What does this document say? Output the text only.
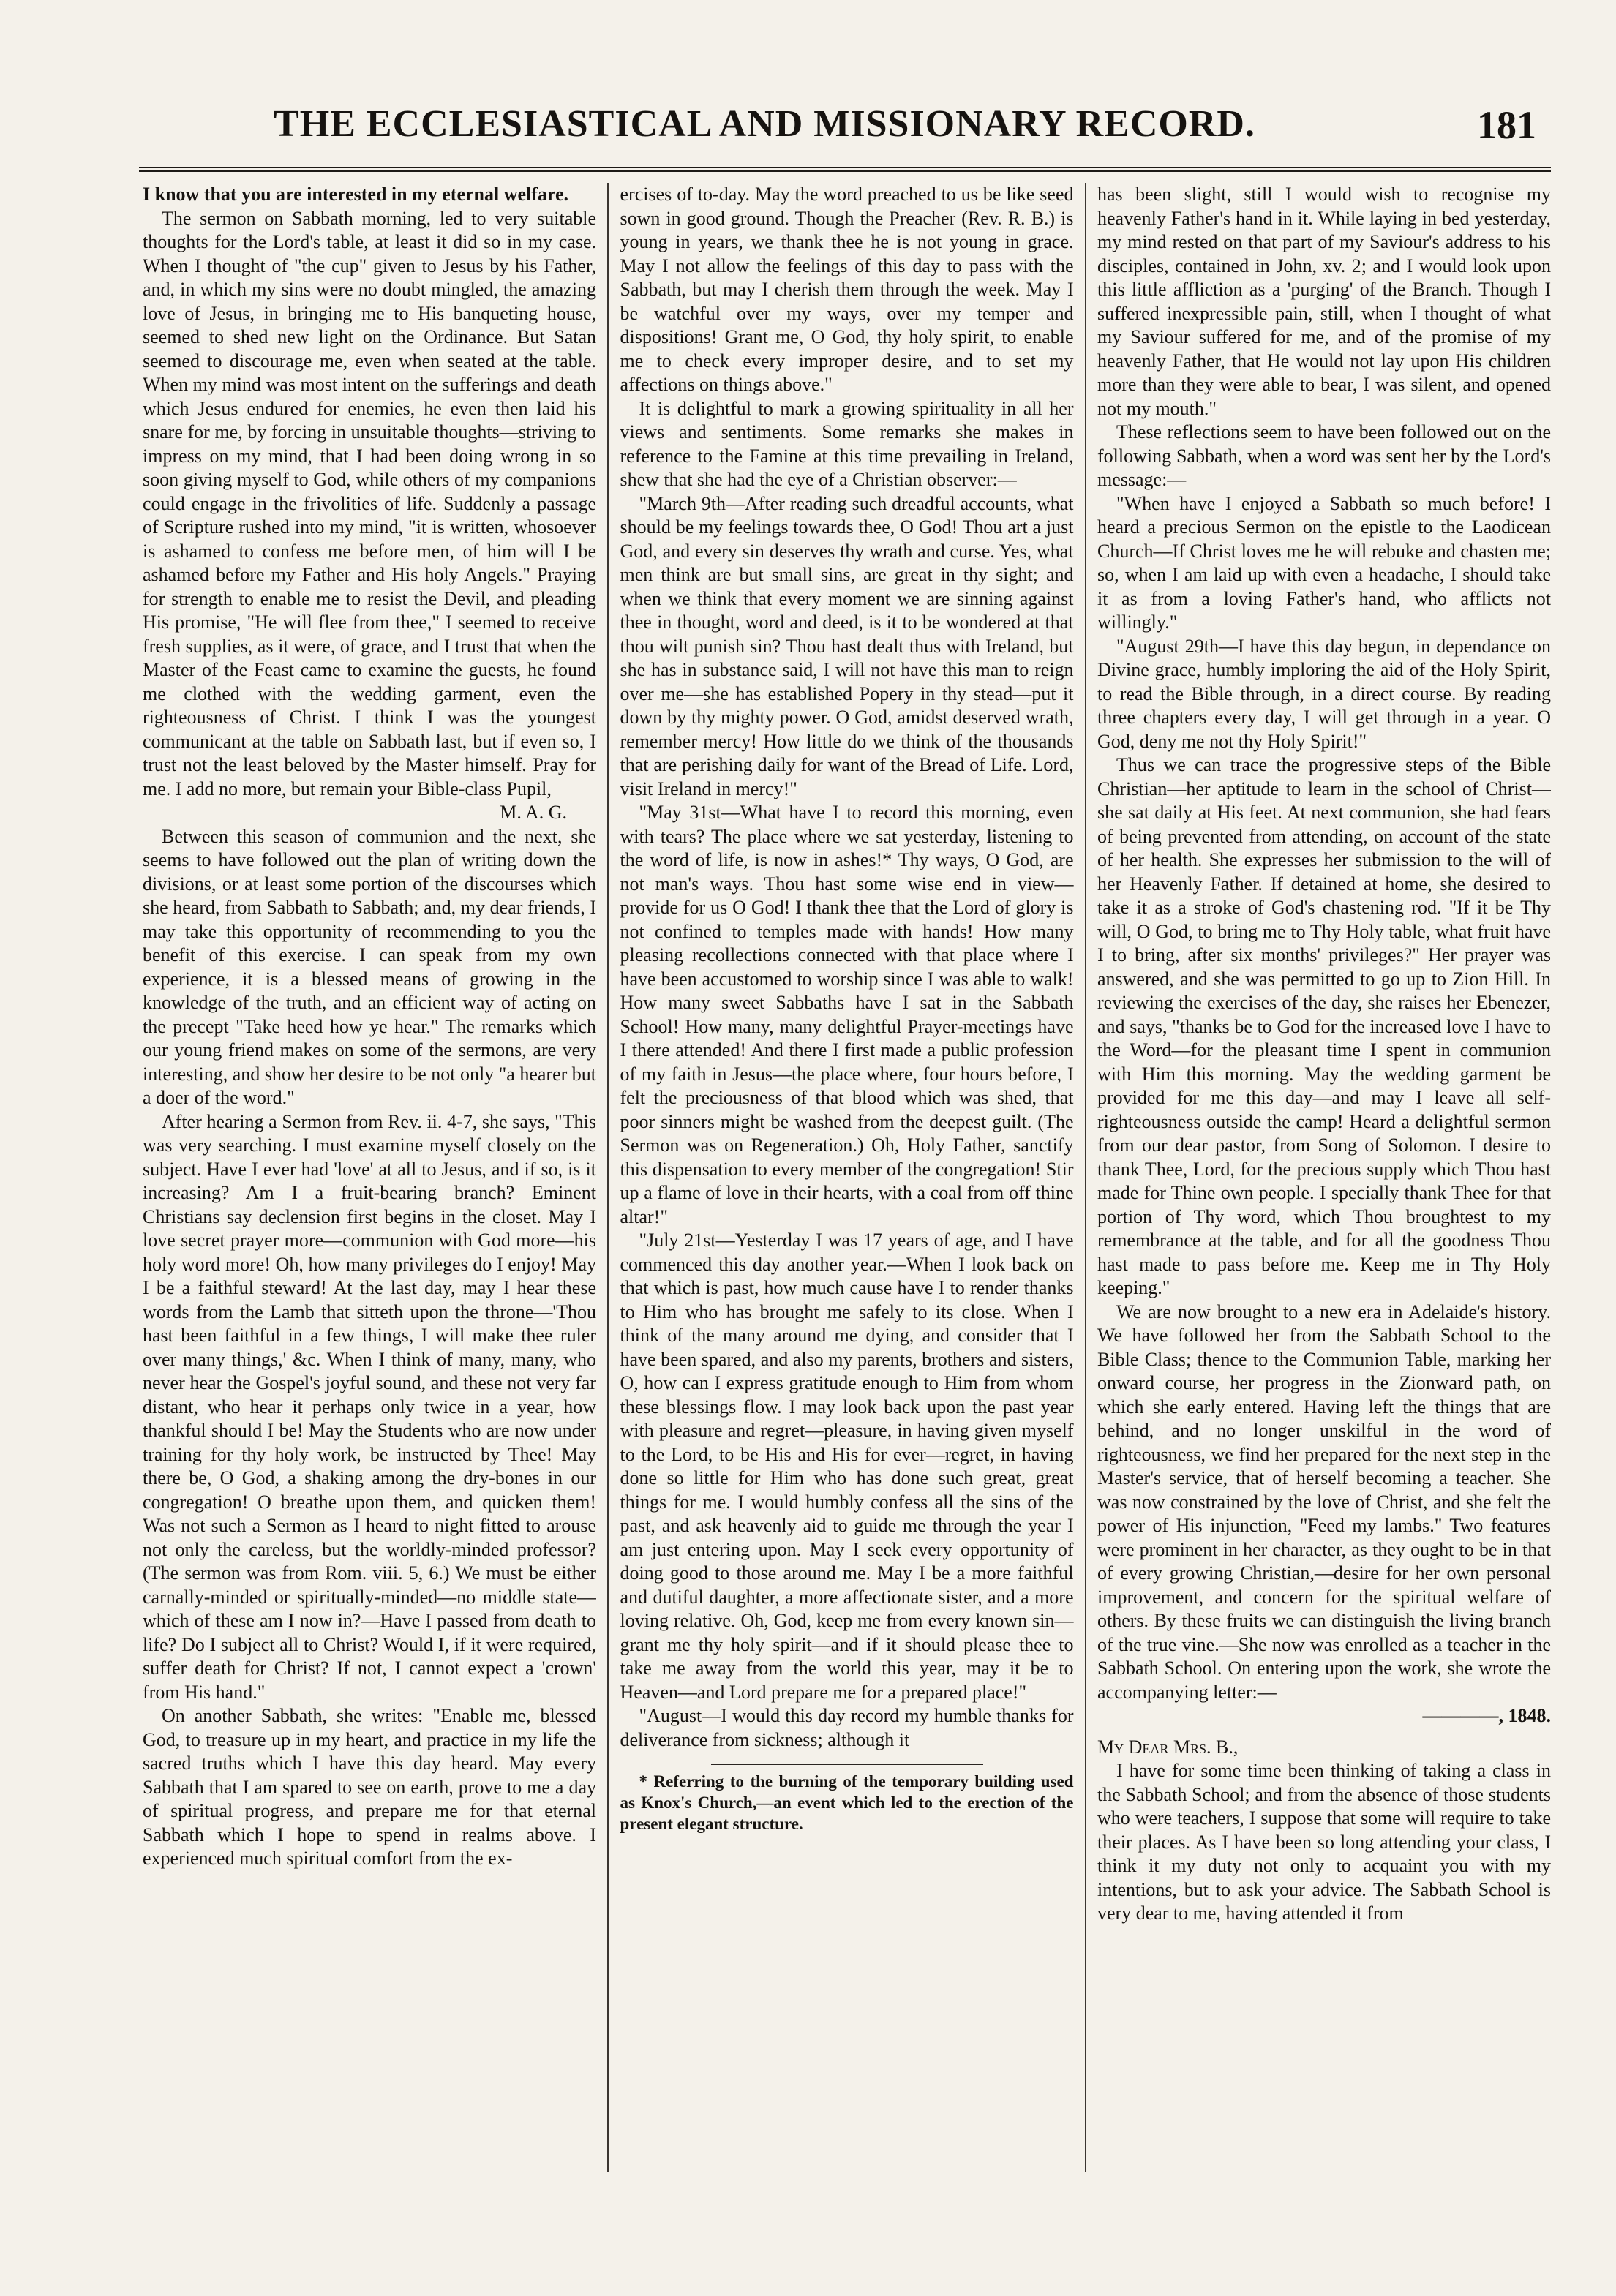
THE ECCLESIASTICAL AND MISSIONARY RECORD.	181

I know that you are interested in my eternal welfare.

The sermon on Sabbath morning, led to very suitable thoughts for the Lord's table, at least it did so in my case. When I thought of "the cup" given to Jesus by his Father, and, in which my sins were no doubt mingled, the amazing love of Jesus, in bringing me to His banqueting house, seemed to shed new light on the Ordinance. But Satan seemed to discourage me, even when seated at the table. When my mind was most intent on the sufferings and death which Jesus endured for enemies, he even then laid his snare for me, by forcing in unsuitable thoughts—striving to impress on my mind, that I had been doing wrong in so soon giving myself to God, while others of my companions could engage in the frivolities of life. Suddenly a passage of Scripture rushed into my mind, "it is written, whosoever is ashamed to confess me before men, of him will I be ashamed before my Father and His holy Angels." Praying for strength to enable me to resist the Devil, and pleading His promise, "He will flee from thee," I seemed to receive fresh supplies, as it were, of grace, and I trust that when the Master of the Feast came to examine the guests, he found me clothed with the wedding garment, even the righteousness of Christ. I think I was the youngest communicant at the table on Sabbath last, but if even so, I trust not the least beloved by the Master himself. Pray for me. I add no more, but remain your Bible-class Pupil,

M. A. G.

Between this season of communion and the next, she seems to have followed out the plan of writing down the divisions, or at least some portion of the discourses which she heard, from Sabbath to Sabbath; and, my dear friends, I may take this opportunity of recommending to you the benefit of this exercise. I can speak from my own experience, it is a blessed means of growing in the knowledge of the truth, and an efficient way of acting on the precept "Take heed how ye hear." The remarks which our young friend makes on some of the sermons, are very interesting, and show her desire to be not only "a hearer but a doer of the word."

After hearing a Sermon from Rev. ii. 4-7, she says, "This was very searching. I must examine myself closely on the subject. Have I ever had 'love' at all to Jesus, and if so, is it increasing? Am I a fruit-bearing branch? Eminent Christians say declension first begins in the closet. May I love secret prayer more—communion with God more—his holy word more! Oh, how many privileges do I enjoy! May I be a faithful steward! At the last day, may I hear these words from the Lamb that sitteth upon the throne—'Thou hast been faithful in a few things, I will make thee ruler over many things,' &c. When I think of many, many, who never hear the Gospel's joyful sound, and these not very far distant, who hear it perhaps only twice in a year, how thankful should I be! May the Students who are now under training for thy holy work, be instructed by Thee! May there be, O God, a shaking among the dry-bones in our congregation! O breathe upon them, and quicken them! Was not such a Sermon as I heard to night fitted to arouse not only the careless, but the worldly-minded professor? (The sermon was from Rom. viii. 5, 6.) We must be either carnally-minded or spiritually-minded—no middle state—which of these am I now in?—Have I passed from death to life? Do I subject all to Christ? Would I, if it were required, suffer death for Christ? If not, I cannot expect a 'crown' from His hand."

On another Sabbath, she writes: "Enable me, blessed God, to treasure up in my heart, and practice in my life the sacred truths which I have this day heard. May every Sabbath that I am spared to see on earth, prove to me a day of spiritual progress, and prepare me for that eternal Sabbath which I hope to spend in realms above. I experienced much spiritual comfort from the ex-

ercises of to-day. May the word preached to us be like seed sown in good ground. Though the Preacher (Rev. R. B.) is young in years, we thank thee he is not young in grace. May I not allow the feelings of this day to pass with the Sabbath, but may I cherish them through the week. May I be watchful over my ways, over my temper and dispositions! Grant me, O God, thy holy spirit, to enable me to check every improper desire, and to set my affections on things above."

It is delightful to mark a growing spirituality in all her views and sentiments. Some remarks she makes in reference to the Famine at this time prevailing in Ireland, shew that she had the eye of a Christian observer:—

"March 9th—After reading such dreadful accounts, what should be my feelings towards thee, O God! Thou art a just God, and every sin deserves thy wrath and curse. Yes, what men think are but small sins, are great in thy sight; and when we think that every moment we are sinning against thee in thought, word and deed, is it to be wondered at that thou wilt punish sin? Thou hast dealt thus with Ireland, but she has in substance said, I will not have this man to reign over me—she has established Popery in thy stead—put it down by thy mighty power. O God, amidst deserved wrath, remember mercy! How little do we think of the thousands that are perishing daily for want of the Bread of Life. Lord, visit Ireland in mercy!"

"May 31st—What have I to record this morning, even with tears? The place where we sat yesterday, listening to the word of life, is now in ashes!* Thy ways, O God, are not man's ways. Thou hast some wise end in view—provide for us O God! I thank thee that the Lord of glory is not confined to temples made with hands! How many pleasing recollections connected with that place where I have been accustomed to worship since I was able to walk! How many sweet Sabbaths have I sat in the Sabbath School! How many, many delightful Prayer-meetings have I there attended! And there I first made a public profession of my faith in Jesus—the place where, four hours before, I felt the preciousness of that blood which was shed, that poor sinners might be washed from the deepest guilt. (The Sermon was on Regeneration.) Oh, Holy Father, sanctify this dispensation to every member of the congregation! Stir up a flame of love in their hearts, with a coal from off thine altar!"

"July 21st—Yesterday I was 17 years of age, and I have commenced this day another year.—When I look back on that which is past, how much cause have I to render thanks to Him who has brought me safely to its close. When I think of the many around me dying, and consider that I have been spared, and also my parents, brothers and sisters, O, how can I express gratitude enough to Him from whom these blessings flow. I may look back upon the past year with pleasure and regret—pleasure, in having given myself to the Lord, to be His and His for ever—regret, in having done so little for Him who has done such great, great things for me. I would humbly confess all the sins of the past, and ask heavenly aid to guide me through the year I am just entering upon. May I seek every opportunity of doing good to those around me. May I be a more faithful and dutiful daughter, a more affectionate sister, and a more loving relative. Oh, God, keep me from every known sin—grant me thy holy spirit—and if it should please thee to take me away from the world this year, may it be to Heaven—and Lord prepare me for a prepared place!"

"August—I would this day record my humble thanks for deliverance from sickness; although it

* Referring to the burning of the temporary building used as Knox's Church,—an event which led to the erection of the present elegant structure.

has been slight, still I would wish to recognise my heavenly Father's hand in it. While laying in bed yesterday, my mind rested on that part of my Saviour's address to his disciples, contained in John, xv. 2; and I would look upon this little affliction as a 'purging' of the Branch. Though I suffered inexpressible pain, still, when I thought of what my Saviour suffered for me, and of the promise of my heavenly Father, that He would not lay upon His children more than they were able to bear, I was silent, and opened not my mouth."

These reflections seem to have been followed out on the following Sabbath, when a word was sent her by the Lord's message:—

"When have I enjoyed a Sabbath so much before! I heard a precious Sermon on the epistle to the Laodicean Church—If Christ loves me he will rebuke and chasten me; so, when I am laid up with even a headache, I should take it as from a loving Father's hand, who afflicts not willingly."

"August 29th—I have this day begun, in dependance on Divine grace, humbly imploring the aid of the Holy Spirit, to read the Bible through, in a direct course. By reading three chapters every day, I will get through in a year. O God, deny me not thy Holy Spirit!"

Thus we can trace the progressive steps of the Bible Christian—her aptitude to learn in the school of Christ—she sat daily at His feet. At next communion, she had fears of being prevented from attending, on account of the state of her health. She expresses her submission to the will of her Heavenly Father. If detained at home, she desired to take it as a stroke of God's chastening rod. "If it be Thy will, O God, to bring me to Thy Holy table, what fruit have I to bring, after six months' privileges?" Her prayer was answered, and she was permitted to go up to Zion Hill. In reviewing the exercises of the day, she raises her Ebenezer, and says, "thanks be to God for the increased love I have to the Word—for the pleasant time I spent in communion with Him this morning. May the wedding garment be provided for me this day—and may I leave all self-righteousness outside the camp! Heard a delightful sermon from our dear pastor, from Song of Solomon. I desire to thank Thee, Lord, for the precious supply which Thou hast made for Thine own people. I specially thank Thee for that portion of Thy word, which Thou broughtest to my remembrance at the table, and for all the goodness Thou hast made to pass before me. Keep me in Thy Holy keeping."

We are now brought to a new era in Adelaide's history. We have followed her from the Sabbath School to the Bible Class; thence to the Communion Table, marking her onward course, her progress in the Zionward path, on which she early entered. Having left the things that are behind, and no longer unskilful in the word of righteousness, we find her prepared for the next step in the Master's service, that of herself becoming a teacher. She was now constrained by the love of Christ, and she felt the power of His injunction, "Feed my lambs." Two features were prominent in her character, as they ought to be in that of every growing Christian,—desire for her own personal improvement, and concern for the spiritual welfare of others. By these fruits we can distinguish the living branch of the true vine.—She now was enrolled as a teacher in the Sabbath School. On entering upon the work, she wrote the accompanying letter:—

————, 1848.

My Dear Mrs. B.,

I have for some time been thinking of taking a class in the Sabbath School; and from the absence of those students who were teachers, I suppose that some will require to take their places. As I have been so long attending your class, I think it my duty not only to acquaint you with my intentions, but to ask your advice. The Sabbath School is very dear to me, having attended it from
